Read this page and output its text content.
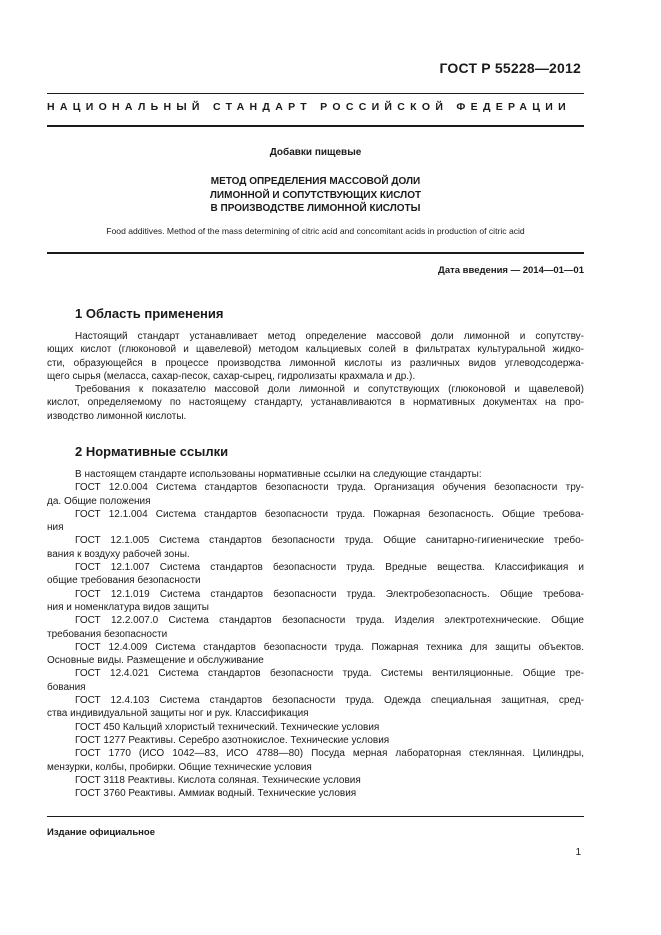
ГОСТ Р 55228—2012
НАЦИОНАЛЬНЫЙ СТАНДАРТ РОССИЙСКОЙ ФЕДЕРАЦИИ
Добавки пищевые
МЕТОД ОПРЕДЕЛЕНИЯ МАССОВОЙ ДОЛИ
ЛИМОННОЙ И СОПУТСТВУЮЩИХ КИСЛОТ
В ПРОИЗВОДСТВЕ ЛИМОННОЙ КИСЛОТЫ
Food additives. Method of the mass determining of citric acid and concomitant acids in production of citric acid
Дата введения — 2014—01—01
1 Область применения
Настоящий стандарт устанавливает метод определение массовой доли лимонной и сопутству-
ющих кислот (глюконовой и щавелевой) методом кальциевых солей в фильтратах культуральной жидко-
сти, образующейся в процессе производства лимонной кислоты из различных видов углеводсодержа-
щего сырья (меласса, сахар-песок, сахар-сырец, гидролизаты крахмала и др.).
Требования к показателю массовой доли лимонной и сопутствующих (глюконовой и щавелевой)
кислот, определяемому по настоящему стандарту, устанавливаются в нормативных документах на про-
изводство лимонной кислоты.
2 Нормативные ссылки
В настоящем стандарте использованы нормативные ссылки на следующие стандарты:
ГОСТ 12.0.004 Система стандартов безопасности труда. Организация обучения безопасности тру-
да. Общие положения
ГОСТ 12.1.004 Система стандартов безопасности труда. Пожарная безопасность. Общие требова-
ния
ГОСТ 12.1.005 Система стандартов безопасности труда. Общие санитарно-гигиенические требо-
вания к воздуху рабочей зоны.
ГОСТ 12.1.007 Система стандартов безопасности труда. Вредные вещества. Классификация и
общие требования безопасности
ГОСТ 12.1.019 Система стандартов безопасности труда. Электробезопасность. Общие требова-
ния и номенклатура видов защиты
ГОСТ 12.2.007.0 Система стандартов безопасности труда. Изделия электротехнические. Общие
требования безопасности
ГОСТ 12.4.009 Система стандартов безопасности труда. Пожарная техника для защиты объектов.
Основные виды. Размещение и обслуживание
ГОСТ 12.4.021 Система стандартов безопасности труда. Системы вентиляционные. Общие тре-
бования
ГОСТ 12.4.103 Система стандартов безопасности труда. Одежда специальная защитная, сред-
ства индивидуальной защиты ног и рук. Классификация
ГОСТ 450 Кальций хлористый технический. Технические условия
ГОСТ 1277 Реактивы. Серебро азотнокислое. Технические условия
ГОСТ 1770 (ИСО 1042—83, ИСО 4788—80) Посуда мерная лабораторная стеклянная. Цилиндры,
мензурки, колбы, пробирки. Общие технические условия
ГОСТ 3118 Реактивы. Кислота соляная. Технические условия
ГОСТ 3760 Реактивы. Аммиак водный. Технические условия
Издание официальное
1
